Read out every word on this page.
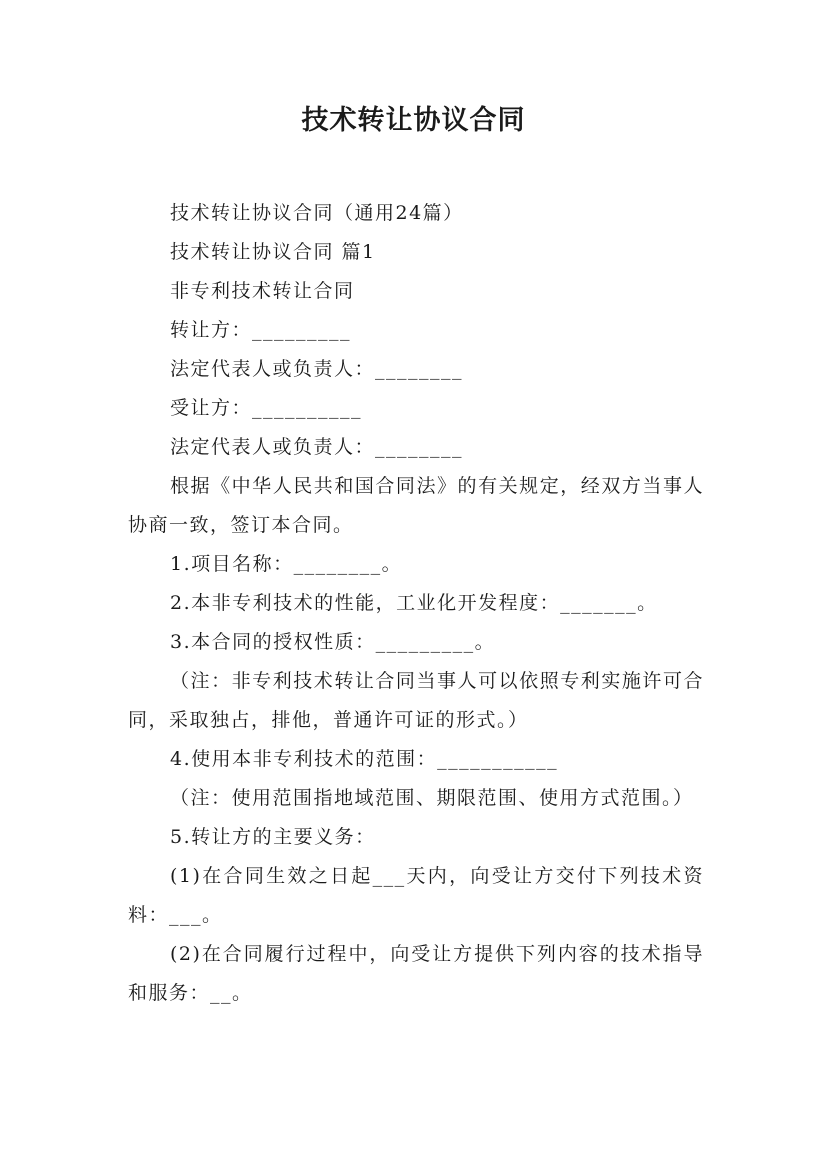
技术转让协议合同

技术转让协议合同（通用24篇）

技术转让协议合同 篇1

非专利技术转让合同

转让方：_________

法定代表人或负责人：________

受让方：__________

法定代表人或负责人：________

根据《中华人民共和国合同法》的有关规定，经双方当事人协商一致，签订本合同。

1.项目名称：________。

2.本非专利技术的性能，工业化开发程度：_______。

3.本合同的授权性质：_________。

（注：非专利技术转让合同当事人可以依照专利实施许可合同，采取独占，排他，普通许可证的形式。）

4.使用本非专利技术的范围：___________

（注：使用范围指地域范围、期限范围、使用方式范围。）

5.转让方的主要义务：

(1)在合同生效之日起___天内，向受让方交付下列技术资料：___。

(2)在合同履行过程中，向受让方提供下列内容的技术指导和服务：__。
